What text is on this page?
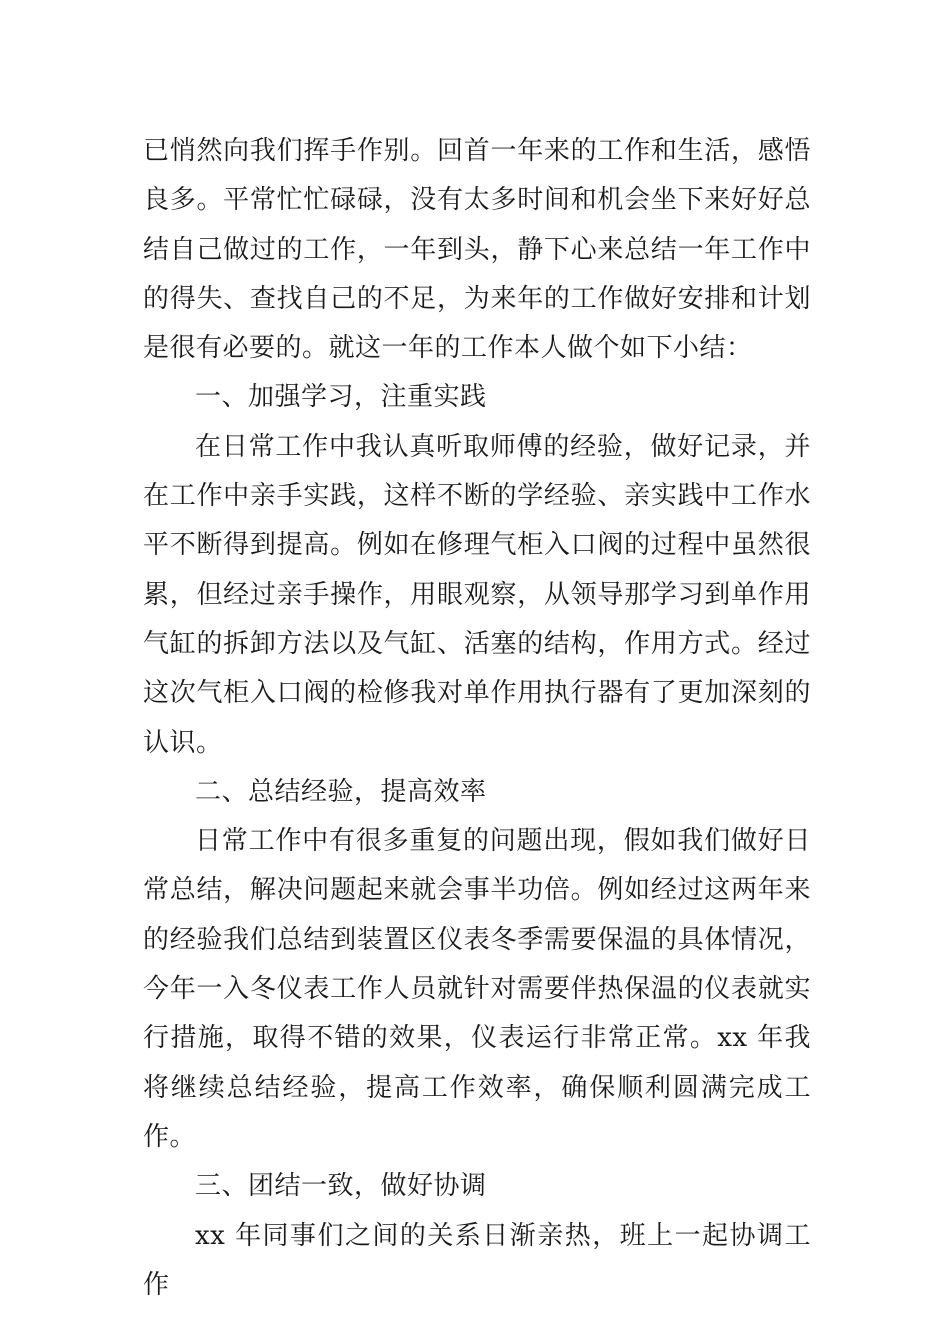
已悄然向我们挥手作别。回首一年来的工作和生活，感悟良多。平常忙忙碌碌，没有太多时间和机会坐下来好好总结自己做过的工作，一年到头，静下心来总结一年工作中的得失、查找自己的不足，为来年的工作做好安排和计划是很有必要的。就这一年的工作本人做个如下小结：

一、加强学习，注重实践

在日常工作中我认真听取师傅的经验，做好记录，并在工作中亲手实践，这样不断的学经验、亲实践中工作水平不断得到提高。例如在修理气柜入口阀的过程中虽然很累，但经过亲手操作，用眼观察，从领导那学习到单作用气缸的拆卸方法以及气缸、活塞的结构，作用方式。经过这次气柜入口阀的检修我对单作用执行器有了更加深刻的认识。

二、总结经验，提高效率

日常工作中有很多重复的问题出现，假如我们做好日常总结，解决问题起来就会事半功倍。例如经过这两年来的经验我们总结到装置区仪表冬季需要保温的具体情况，今年一入冬仪表工作人员就针对需要伴热保温的仪表就实行措施，取得不错的效果，仪表运行非常正常。xx 年我将继续总结经验，提高工作效率，确保顺利圆满完成工作。

三、团结一致，做好协调

xx 年同事们之间的关系日渐亲热，班上一起协调工作
